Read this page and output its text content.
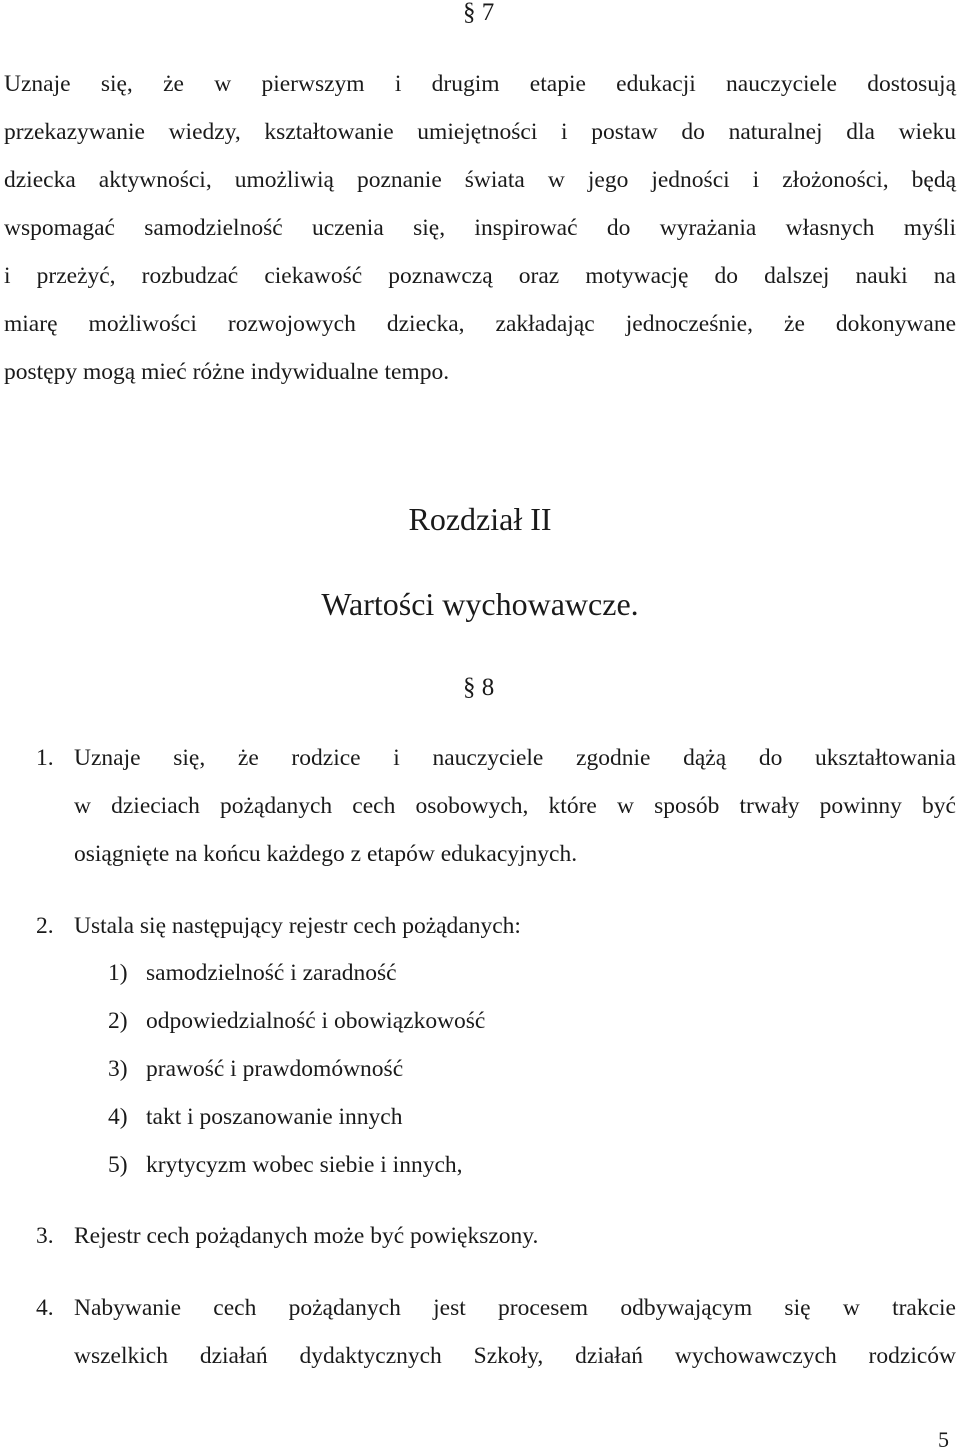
§ 7
Uznaje się, że w pierwszym i drugim etapie edukacji nauczyciele dostosują
przekazywanie wiedzy, kształtowanie umiejętności i postaw do naturalnej dla wieku
dziecka aktywności, umożliwią poznanie świata w jego jedności i złożoności, będą
wspomagać samodzielność uczenia się, inspirować do wyrażania własnych myśli
i przeżyć, rozbudzać ciekawość poznawczą oraz motywację do dalszej nauki na
miarę możliwości rozwojowych dziecka, zakładając jednocześnie, że dokonywane
postępy mogą mieć różne indywidualne tempo.
Rozdział II
Wartości wychowawcze.
§ 8
1. Uznaje się, że rodzice i nauczyciele zgodnie dążą do ukształtowania
w dzieciach pożądanych cech osobowych, które w sposób trwały powinny być
osiągnięte na końcu każdego z etapów edukacyjnych.
2. Ustala się następujący rejestr cech pożądanych:
1) samodzielność i zaradność
2) odpowiedzialność i obowiązkowość
3) prawość i prawdomówność
4) takt i poszanowanie innych
5) krytycyzm wobec siebie i innych,
3. Rejestr cech pożądanych może być powiększony.
4. Nabywanie cech pożądanych jest procesem odbywającym się w trakcie
wszelkich działań dydaktycznych Szkoły, działań wychowawczych rodziców
5
